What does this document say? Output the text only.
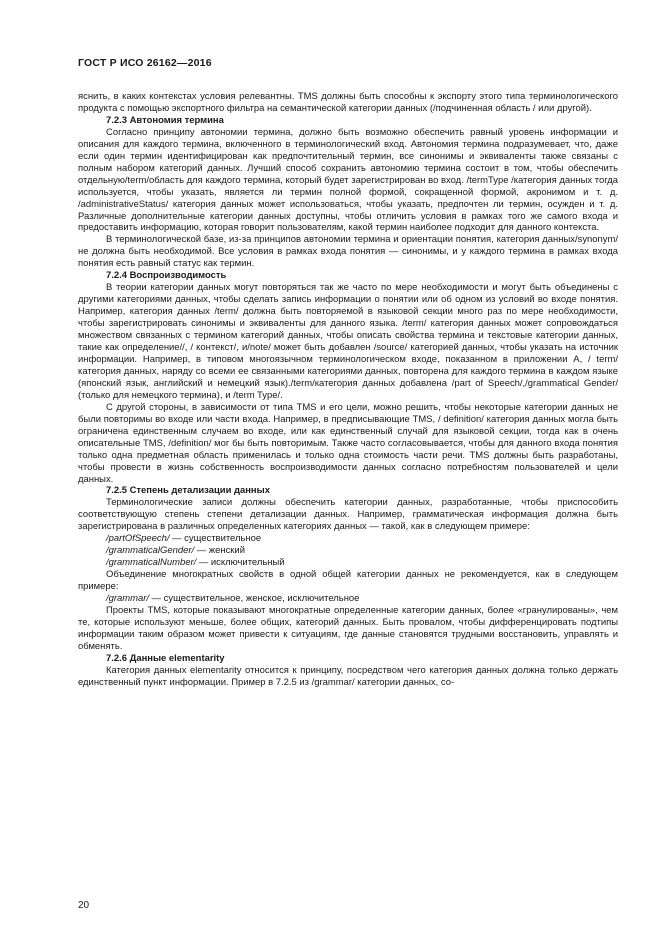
ГОСТ Р ИСО 26162—2016
яснить, в каких контекстах условия релевантны. TMS должны быть способны к экспорту этого типа терминологического продукта с помощью экспортного фильтра на семантической категории данных (/подчиненная область / или другой).
7.2.3 Автономия термина
Согласно принципу автономии термина, должно быть возможно обеспечить равный уровень информации и описания для каждого термина, включенного в терминологический вход. Автономия термина подразумевает, что, даже если один термин идентифицирован как предпочтительный термин, все синонимы и эквиваленты также связаны с полным набором категорий данных. Лучший способ сохранить автономию термина состоит в том, чтобы обеспечить отдельную/term/область для каждого термина, который будет зарегистрирован во вход. /termType /категория данных тогда используется, чтобы указать, является ли термин полной формой, сокращенной формой, акронимом и т. д. /administrativeStatus/ категория данных может использоваться, чтобы указать, предпочтен ли термин, осужден и т. д. Различные дополнительные категории данных доступны, чтобы отличить условия в рамках того же самого входа и предоставить информацию, которая говорит пользователям, какой термин наиболее подходит для данного контекста.
В терминологической базе, из-за принципов автономии термина и ориентации понятия, категория данных/synonym/не должна быть необходимой. Все условия в рамках входа понятия — синонимы, и у каждого термина в рамках входа понятия есть равный статус как термин.
7.2.4 Воспроизводимость
В теории категории данных могут повторяться так же часто по мере необходимости и могут быть объединены с другими категориями данных, чтобы сделать запись информации о понятии или об одном из условий во входе понятия. Например, категория данных /term/ должна быть повторяемой в языковой секции много раз по мере необходимости, чтобы зарегистрировать синонимы и эквиваленты для данного языка. /term/ категория данных может сопровождаться множеством связанных с термином категорий данных, чтобы описать свойства термина и текстовые категории данных, такие как определение//, / контекст/, и/note/ может быть добавлен /source/ категорией данных, чтобы указать на источник информации. Например, в типовом многоязычном терминологическом входе, показанном в приложении А, / term/ категория данных, наряду со всеми ее связанными категориями данных, повторена для каждого термина в каждом языке (японский язык, английский и немецкий язык)./term/категория данных добавлена /part of Speech/,/grammatical Gender/ (только для немецкого термина), и /term Type/.
С другой стороны, в зависимости от типа TMS и его цели, можно решить, чтобы некоторые категории данных не были повторимы во входе или части входа. Например, в предписывающие TMS, / definition/ категория данных могла быть ограничена единственным случаем во входе, или как единственный случай для языковой секции, тогда как в очень описательные TMS, /definition/ мог бы быть повторимым. Также часто согласовывается, чтобы для данного входа понятия только одна предметная область применилась и только одна стоимость части речи. TMS должны быть разработаны, чтобы провести в жизнь собственность воспроизводимости данных согласно потребностям пользователей и цели данных.
7.2.5 Степень детализации данных
Терминологические записи должны обеспечить категории данных, разработанные, чтобы приспособить соответствующую степень степени детализации данных. Например, грамматическая информация должна быть зарегистрирована в различных определенных категориях данных — такой, как в следующем примере:
/partOfSpeech/ — существительное
/grammaticalGender/ — женский
/grammaticalNumber/ — исключительный
Объединение многократных свойств в одной общей категории данных не рекомендуется, как в следующем примере:
/grammar/ — существительное, женское, исключительное
Проекты TMS, которые показывают многократные определенные категории данных, более «гранулированы», чем те, которые используют меньше, более общих, категорий данных. Быть провалом, чтобы дифференцировать подтипы информации таким образом может привести к ситуациям, где данные становятся трудными восстановить, управлять и обменять.
7.2.6 Данные elementarity
Категория данных elementarity относится к принципу, посредством чего категория данных должна только держать единственный пункт информации. Пример в 7.2.5 из /grammar/ категории данных, со-
20
